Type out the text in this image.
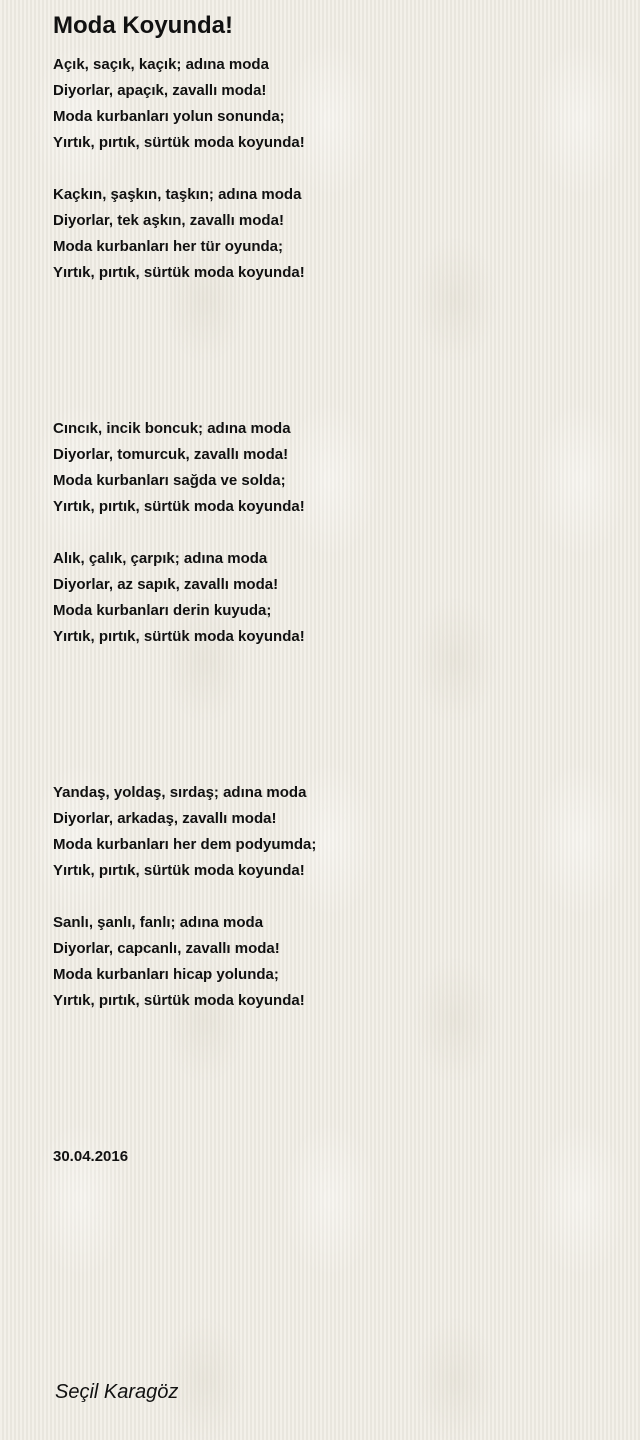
Moda Koyunda!
Açık, saçık, kaçık; adına moda
Diyorlar, apaçık, zavallı moda!
Moda kurbanları yolun sonunda;
Yırtık, pırtık, sürtük moda koyunda!
Kaçkın, şaşkın, taşkın; adına moda
Diyorlar, tek aşkın, zavallı moda!
Moda kurbanları her tür oyunda;
Yırtık, pırtık, sürtük moda koyunda!
Cıncık, incik boncuk; adına moda
Diyorlar, tomurcuk, zavallı moda!
Moda kurbanları sağda ve solda;
Yırtık, pırtık, sürtük moda koyunda!
Alık, çalık, çarpık; adına moda
Diyorlar, az sapık, zavallı moda!
Moda kurbanları derin kuyuda;
Yırtık, pırtık, sürtük moda koyunda!
Yandaş, yoldaş, sırdaş; adına moda
Diyorlar, arkadaş, zavallı moda!
Moda kurbanları her dem podyumda;
Yırtık, pırtık, sürtük moda koyunda!
Sanlı, şanlı, fanlı; adına moda
Diyorlar, capcanlı, zavallı moda!
Moda kurbanları hicap yolunda;
Yırtık, pırtık, sürtük moda koyunda!
30.04.2016
Seçil Karagöz
